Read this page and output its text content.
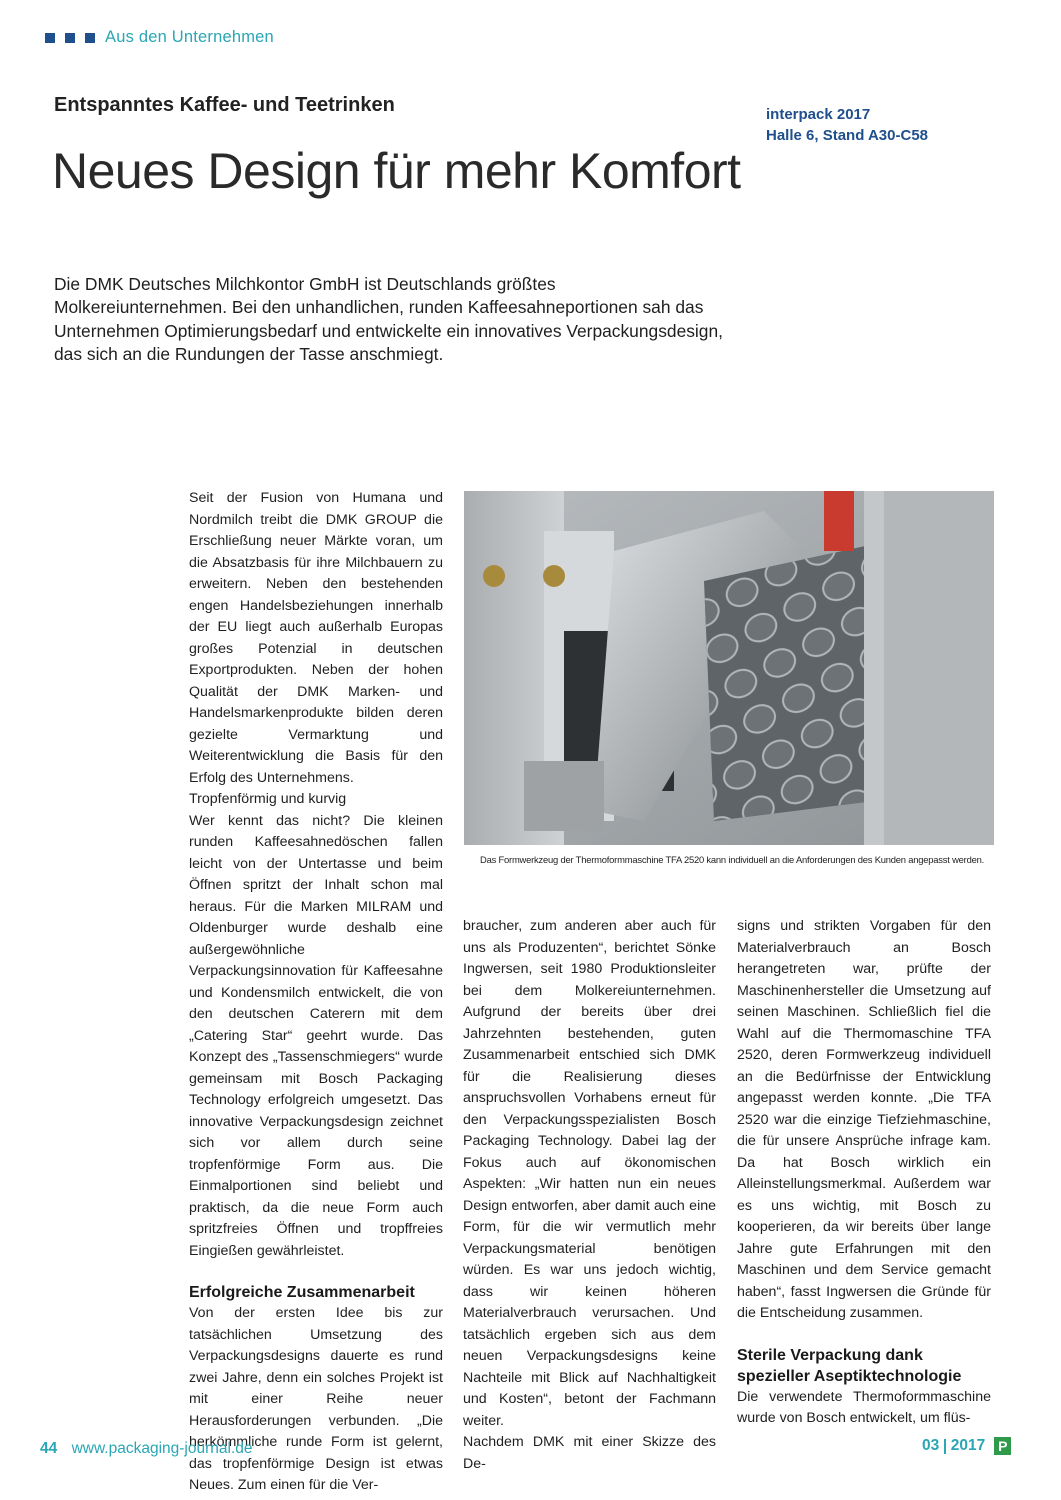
Aus den Unternehmen
Entspanntes Kaffee- und Teetrinken
Neues Design für mehr Komfort
interpack 2017
Halle 6, Stand A30-C58

Die DMK Deutsches Milchkontor GmbH ist Deutschlands größtes Molkereiunternehmen. Bei den unhandlichen, runden Kaffeesahneportionen sah das Unternehmen Optimierungsbedarf und entwickelte ein innovatives Verpackungsdesign, das sich an die Rundungen der Tasse anschmiegt.

Seit der Fusion von Humana und Nordmilch treibt die DMK GROUP die Erschließung neuer Märkte voran, um die Absatzbasis für ihre Milchbauern zu erweitern. Neben den bestehenden engen Handelsbeziehungen innerhalb der EU liegt auch außerhalb Europas großes Potenzial in deutschen Exportprodukten. Neben der hohen Qualität der DMK Marken- und Handelsmarkenprodukte bilden deren gezielte Vermarktung und Weiterentwicklung die Basis für den Erfolg des Unternehmens.

Tropfenförmig und kurvig

Wer kennt das nicht? Die kleinen runden Kaffeesahnedöschen fallen leicht von der Untertasse und beim Öffnen spritzt der Inhalt schon mal heraus. Für die Marken MILRAM und Oldenburger wurde deshalb eine außergewöhnliche Verpackungsinnovation für Kaffeesahne und Kondensmilch entwickelt, die von den deutschen Caterern mit dem „Catering Star“ geehrt wurde. Das Konzept des „Tassenschmiegers“ wurde gemeinsam mit Bosch Packaging Technology erfolgreich umgesetzt. Das innovative Verpackungsdesign zeichnet sich vor allem durch seine tropfenförmige Form aus. Die Einmalportionen sind beliebt und praktisch, da die neue Form auch spritzfreies Öffnen und tropffreies Eingießen gewährleistet.

Erfolgreiche Zusammenarbeit

Von der ersten Idee bis zur tatsächlichen Umsetzung des Verpackungsdesigns dauerte es rund zwei Jahre, denn ein solches Projekt ist mit einer Reihe neuer Herausforderungen verbunden. „Die herkömmliche runde Form ist gelernt, das tropfenförmige Design ist etwas Neues. Zum einen für die Ver-

Das Formwerkzeug der Thermoformmaschine TFA 2520 kann individuell an die Anforderungen des Kunden angepasst werden.

braucher, zum anderen aber auch für uns als Produzenten“, berichtet Sönke Ingwersen, seit 1980 Produktionsleiter bei dem Molkereiunternehmen. Aufgrund der bereits über drei Jahrzehnten bestehenden, guten Zusammenarbeit entschied sich DMK für die Realisierung dieses anspruchsvollen Vorhabens erneut für den Verpackungsspezialisten Bosch Packaging Technology. Dabei lag der Fokus auch auf ökonomischen Aspekten: „Wir hatten nun ein neues Design entworfen, aber damit auch eine Form, für die wir vermutlich mehr Verpackungsmaterial benötigen würden. Es war uns jedoch wichtig, dass wir keinen höheren Materialverbrauch verursachen. Und tatsächlich ergeben sich aus dem neuen Verpackungsdesigns keine Nachteile mit Blick auf Nachhaltigkeit und Kosten“, betont der Fachmann weiter.

Nachdem DMK mit einer Skizze des De-

signs und strikten Vorgaben für den Materialverbrauch an Bosch herangetreten war, prüfte der Maschinenhersteller die Umsetzung auf seinen Maschinen. Schließlich fiel die Wahl auf die Thermomaschine TFA 2520, deren Formwerkzeug individuell an die Bedürfnisse der Entwicklung angepasst werden konnte. „Die TFA 2520 war die einzige Tiefziehmaschine, die für unsere Ansprüche infrage kam. Da hat Bosch wirklich ein Alleinstellungsmerkmal. Außerdem war es uns wichtig, mit Bosch zu kooperieren, da wir bereits über lange Jahre gute Erfahrungen mit den Maschinen und dem Service gemacht haben“, fasst Ingwersen die Gründe für die Entscheidung zusammen.

Sterile Verpackung dank spezieller Aseptiktechnologie

Die verwendete Thermoformmaschine wurde von Bosch entwickelt, um flüs-

44 www.packaging-journal.de	03 2017 P
